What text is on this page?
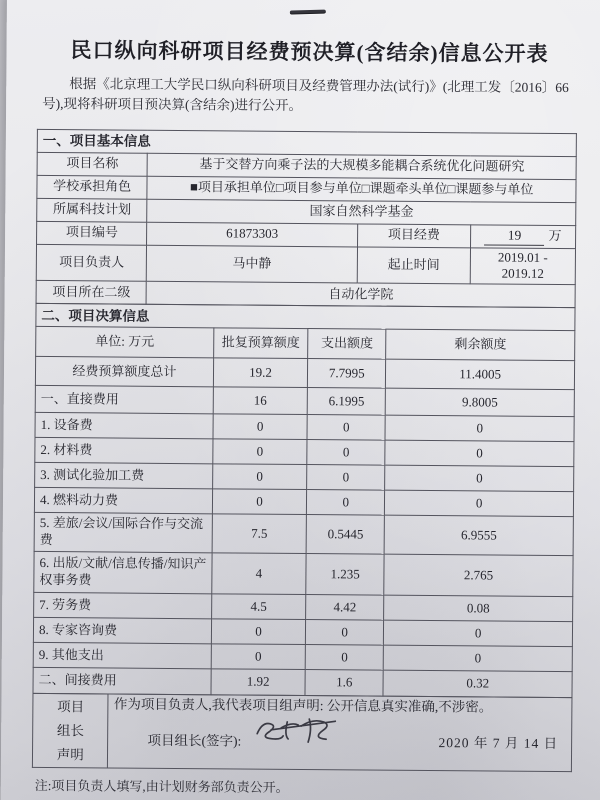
民口纵向科研项目经费预决算(含结余)信息公开表

根据《北京理工大学民口纵向科研项目及经费管理办法(试行)》(北理工发〔2016〕66 号),现将科研项目预决算(含结余)进行公开。

一、项目基本信息			
项目名称	基于交替方向乘子法的大规模多能耦合系统优化问题研究		
学校承担角色	■项目承担单位□项目参与单位□课题牵头单位□课题参与单位		
所属科技计划	国家自然科学基金		
项目编号	61873303	项目经费	19 万
项目负责人	马中静	起止时间	2019.01 - 2019.12
项目所在二级	自动化学院		
二、项目决算信息			
单位: 万元	批复预算额度	支出额度	剩余额度
经费预算额度总计	19.2	7.7995	11.4005
一、直接费用	16	6.1995	9.8005
1. 设备费	0	0	0
2. 材料费	0	0	0
3. 测试化验加工费	0	0	0
4. 燃料动力费	0	0	0
5. 差旅/会议/国际合作与交流费	7.5	0.5445	6.9555
6. 出版/文献/信息传播/知识产权事务费	4	1.235	2.765
7. 劳务费	4.5	4.42	0.08
8. 专家咨询费	0	0	0
9. 其他支出	0	0	0
二、间接费用	1.92	1.6	0.32
项目
组长
声明

作为项目负责人,我代表项目组声明: 公开信息真实准确,不涉密。
项目组长(签字):	2020 年 7 月 14 日

注:项目负责人填写,由计划财务部负责公开。
